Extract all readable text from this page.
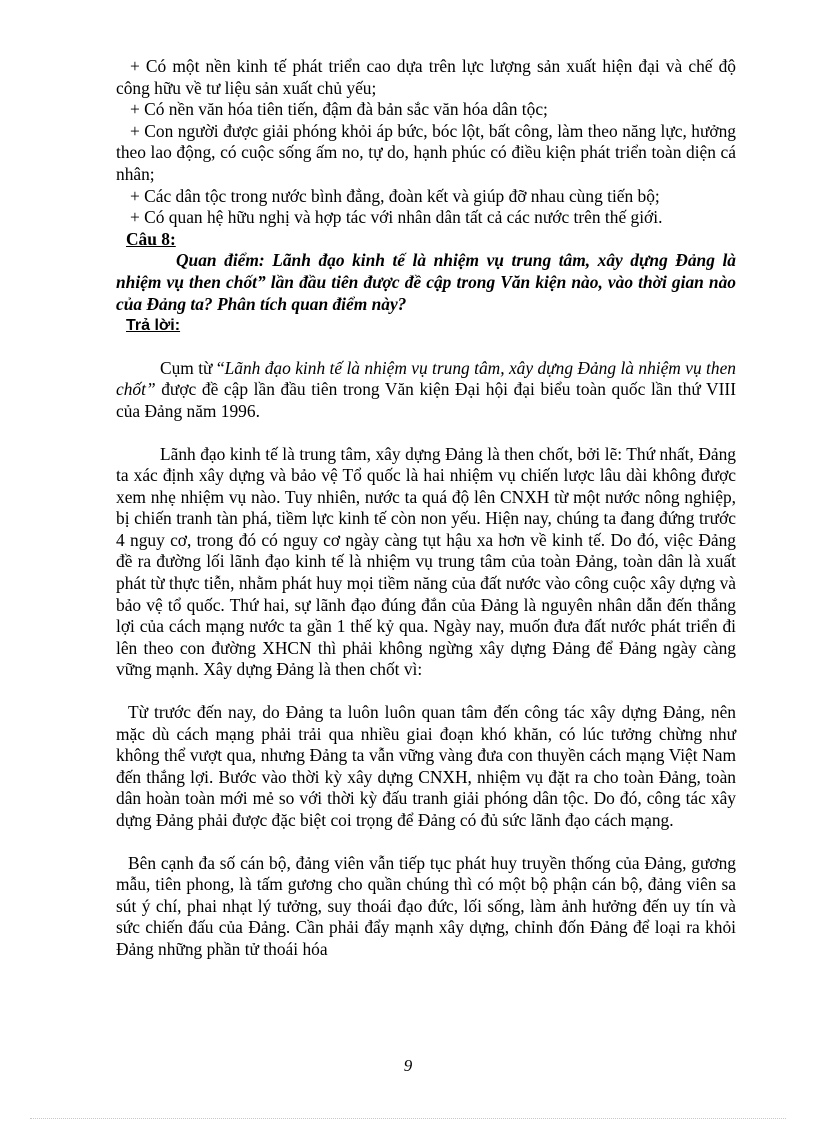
+ Có một nền kinh tế phát triển cao dựa trên lực lượng sản xuất hiện đại và chế độ công hữu về tư liệu sản xuất chủ yếu;

+ Có nền văn hóa tiên tiến, đậm đà bản sắc văn hóa dân tộc;

+ Con người được giải phóng khỏi áp bức, bóc lột, bất công, làm theo năng lực, hưởng theo lao động, có cuộc sống ấm no, tự do, hạnh phúc có điều kiện phát triển toàn diện cá nhân;

+ Các dân tộc trong nước bình đẳng, đoàn kết và giúp đỡ nhau cùng tiến bộ;

+ Có quan hệ hữu nghị và hợp tác với nhân dân tất cả các nước trên thế giới.

Câu 8:

Quan điểm: Lãnh đạo kinh tế là nhiệm vụ trung tâm, xây dựng Đảng là nhiệm vụ then chốt” lần đầu tiên được đề cập trong Văn kiện nào, vào thời gian nào của Đảng ta? Phân tích quan điểm này?

Trả lời:

Cụm từ “Lãnh đạo kinh tế là nhiệm vụ trung tâm, xây dựng Đảng là nhiệm vụ then chốt” được đề cập lần đầu tiên trong Văn kiện Đại hội đại biểu toàn quốc lần thứ VIII của Đảng năm 1996.

Lãnh đạo kinh tế là trung tâm, xây dựng Đảng là then chốt, bởi lẽ: Thứ nhất, Đảng ta xác định xây dựng và bảo vệ Tổ quốc là hai nhiệm vụ chiến lược lâu dài không được xem nhẹ nhiệm vụ nào. Tuy nhiên, nước ta quá độ lên CNXH từ một nước nông nghiệp, bị chiến tranh tàn phá, tiềm lực kinh tế còn non yếu. Hiện nay, chúng ta đang đứng trước 4 nguy cơ, trong đó có nguy cơ ngày càng tụt hậu xa hơn về kinh tế. Do đó, việc Đảng đề ra đường lối lãnh đạo kinh tế là nhiệm vụ trung tâm của toàn Đảng, toàn dân là xuất phát từ thực tiễn, nhằm phát huy mọi tiềm năng của đất nước vào công cuộc xây dựng và bảo vệ tổ quốc. Thứ hai, sự lãnh đạo đúng đắn của Đảng là nguyên nhân dẫn đến thắng lợi của cách mạng nước ta gần 1 thế kỷ qua. Ngày nay, muốn đưa đất nước phát triển đi lên theo con đường XHCN thì phải không ngừng xây dựng Đảng để Đảng ngày càng vững mạnh. Xây dựng Đảng là then chốt vì:

Từ trước đến nay, do Đảng ta luôn luôn quan tâm đến công tác xây dựng Đảng, nên mặc dù cách mạng phải trải qua nhiều giai đoạn khó khăn, có lúc tưởng chừng như không thể vượt qua, nhưng Đảng ta vẫn vững vàng đưa con thuyền cách mạng Việt Nam đến thắng lợi. Bước vào thời kỳ xây dựng CNXH, nhiệm vụ đặt ra cho toàn Đảng, toàn dân hoàn toàn mới mẻ so với thời kỳ đấu tranh giải phóng dân tộc. Do đó, công tác xây dựng Đảng phải được đặc biệt coi trọng để Đảng có đủ sức lãnh đạo cách mạng.

Bên cạnh đa số cán bộ, đảng viên vẫn tiếp tục phát huy truyền thống của Đảng, gương mẫu, tiên phong, là tấm gương cho quần chúng thì có một bộ phận cán bộ, đảng viên sa sút ý chí, phai nhạt lý tưởng, suy thoái đạo đức, lối sống, làm ảnh hưởng đến uy tín và sức chiến đấu của Đảng. Cần phải đẩy mạnh xây dựng, chỉnh đốn Đảng để loại ra khỏi Đảng những phần tử thoái hóa

9
